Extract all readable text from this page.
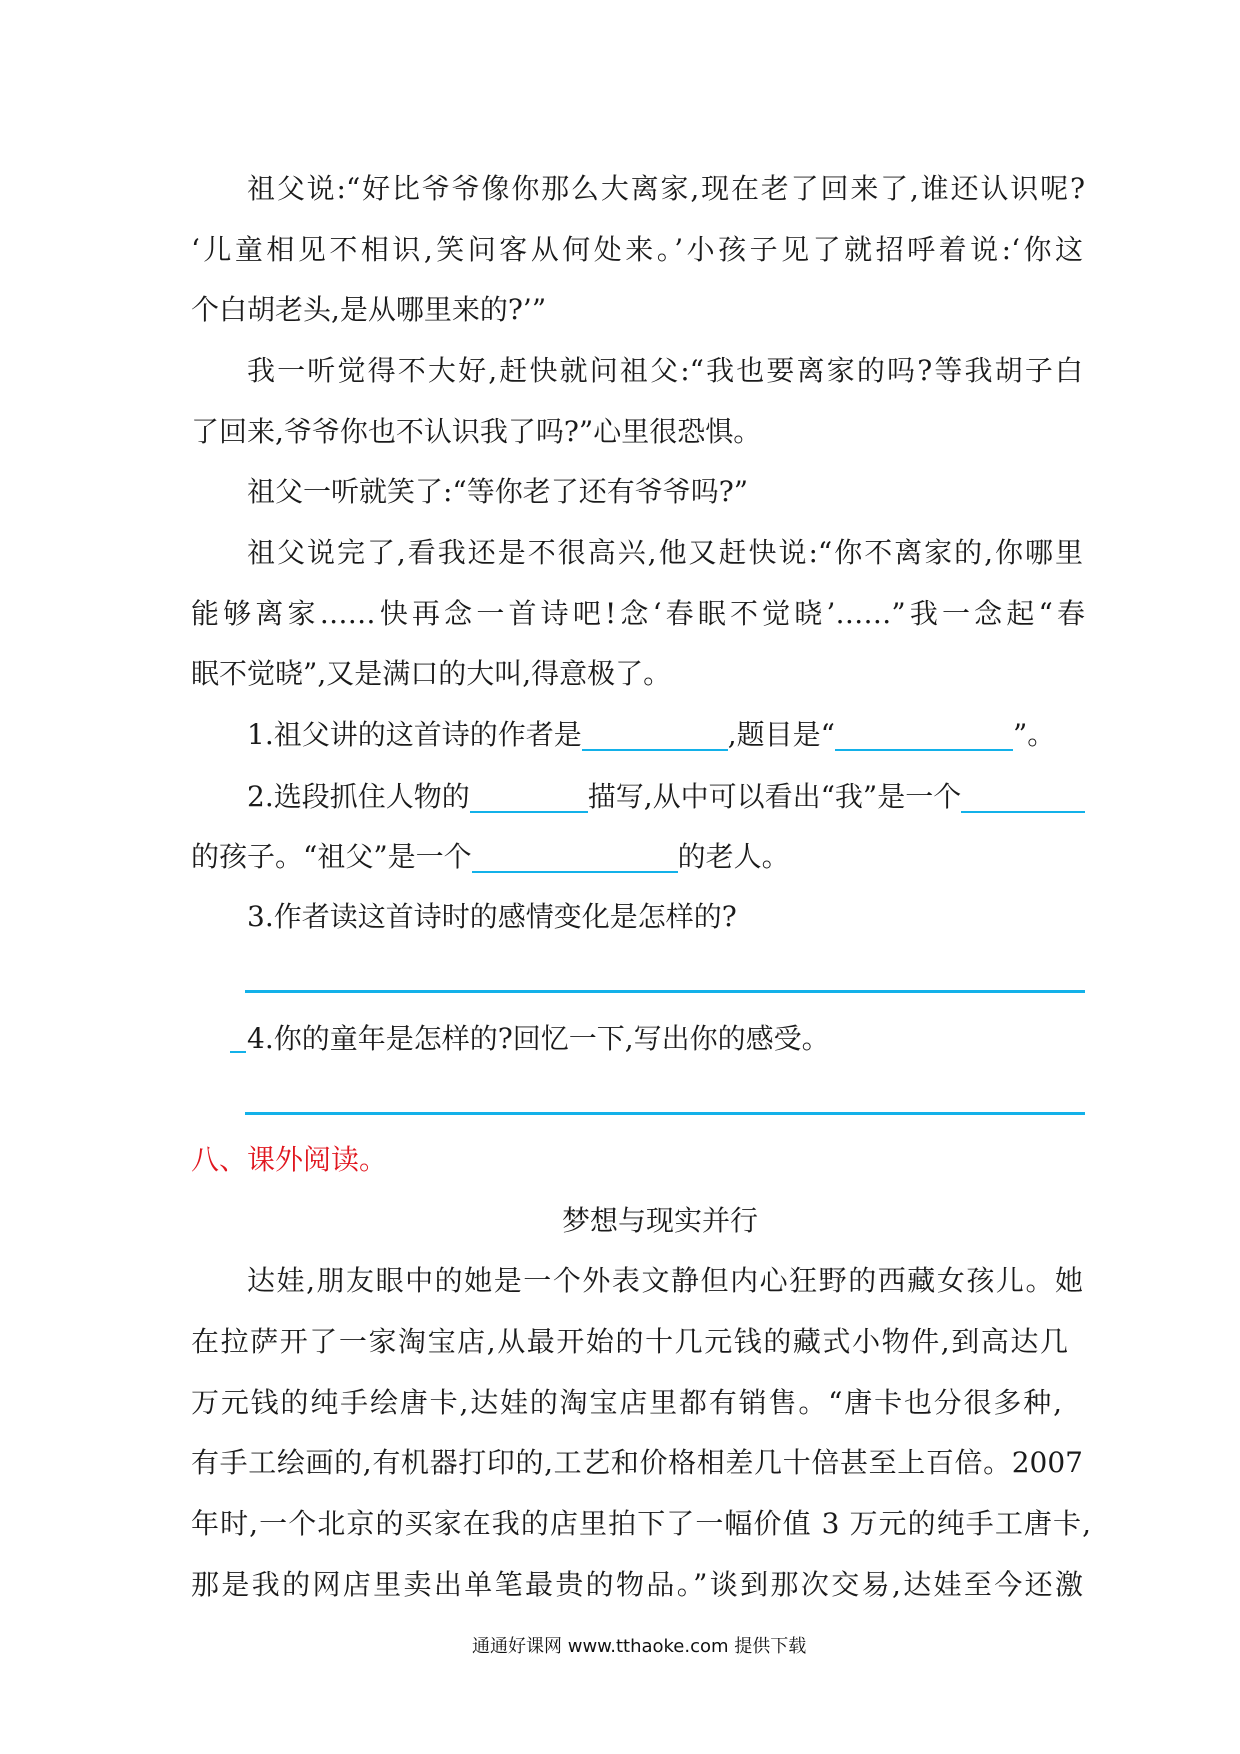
祖父说:“好比爷爷像你那么大离家,现在老了回来了,谁还认识呢?
‘儿童相见不相识,笑问客从何处来。’小孩子见了就招呼着说:‘你这
个白胡老头,是从哪里来的?’”
我一听觉得不大好,赶快就问祖父:“我也要离家的吗?等我胡子白
了回来,爷爷你也不认识我了吗?”心里很恐惧。
祖父一听就笑了:“等你老了还有爷爷吗?”
祖父说完了,看我还是不很高兴,他又赶快说:“你不离家的,你哪里
能够离家……快再念一首诗吧!念‘春眠不觉晓’……”我一念起“春
眠不觉晓”,又是满口的大叫,得意极了。
1.祖父讲的这首诗的作者是	,题目是“	”。
2.选段抓住人物的	描写,从中可以看出“我”是一个
的孩子。“祖父”是一个	的老人。
3.作者读这首诗时的感情变化是怎样的?
4.你的童年是怎样的?回忆一下,写出你的感受。
八、课外阅读。
梦想与现实并行
达娃,朋友眼中的她是一个外表文静但内心狂野的西藏女孩儿。她
在拉萨开了一家淘宝店,从最开始的十几元钱的藏式小物件,到高达几
万元钱的纯手绘唐卡,达娃的淘宝店里都有销售。“唐卡也分很多种,
有手工绘画的,有机器打印的,工艺和价格相差几十倍甚至上百倍。2007
年时,一个北京的买家在我的店里拍下了一幅价值 3 万元的纯手工唐卡,
那是我的网店里卖出单笔最贵的物品。”谈到那次交易,达娃至今还激
通通好课网 www.tthaoke.com 提供下载
